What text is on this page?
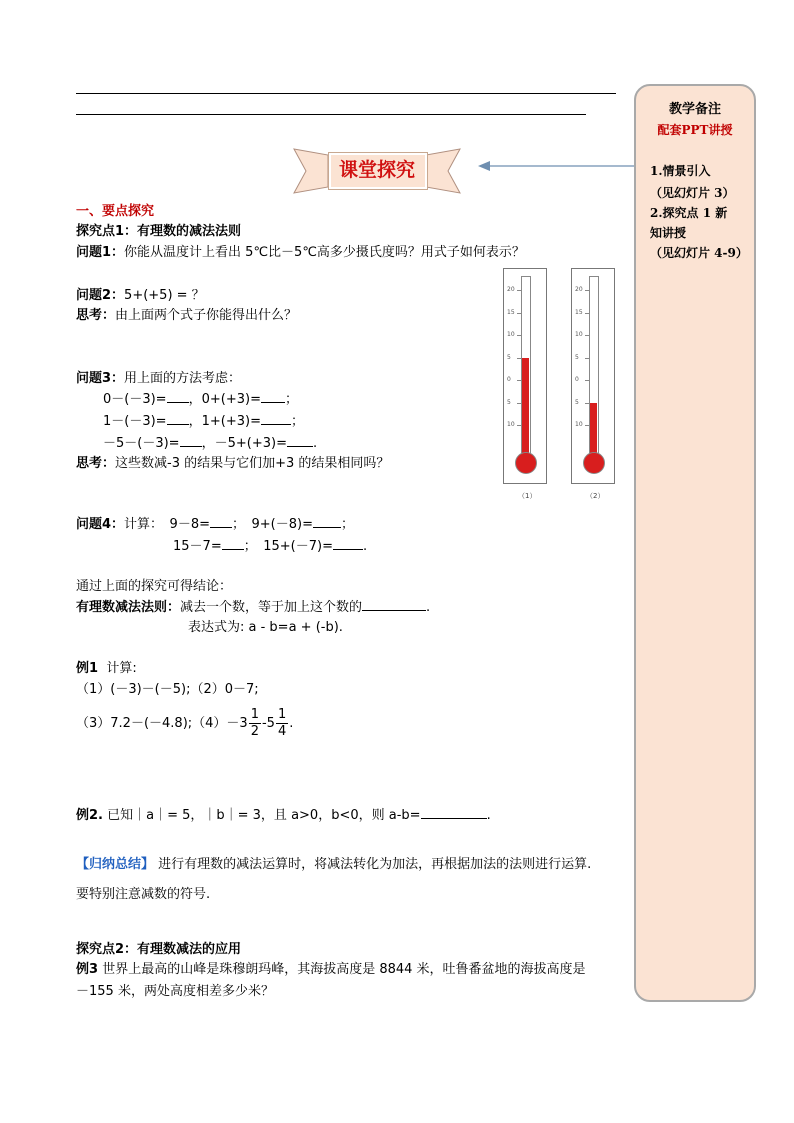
教学备注
配套PPT讲授
1.情景引入
（见幻灯片 3）
2.探究点 1 新
知讲授
（见幻灯片 4-9）
课堂探究
一、要点探究
探究点1：有理数的减法法则
问题1：你能从温度计上看出 5℃比－5℃高多少摄氏度吗？用式子如何表示？
问题2：5+(+5) = ？
思考：由上面两个式子你能得出什么？
问题3：用上面的方法考虑：
0－(－3)= ，0+(+3)= ；
1－(－3)= ，1+(+3)= ；
－5－(－3)= ，－5+(+3)= .
思考：这些数减-3 的结果与它们加+3 的结果相同吗？
20
15
10
5
0
5
10
（1）
20
15
10
5
0
5
10
（2）
问题4：计算：　9－8= ；　9+(－8)= ；
15－7= ；　15+(－7)= .
通过上面的探究可得结论：
有理数减法法则：减去一个数，等于加上这个数的	.
表达式为: a - b=a + (-b).
例1 计算:
（1）(－3)－(－5);（2）0－7;
（3）7.2－(－4.8);（4）－3 $\frac{1}{2} -5 \frac{1}{4}$ .
例2. 已知｜a｜= 5，｜b｜= 3，且 a>0，b<0，则 a-b=	.
【归纳总结】 进行有理数的减法运算时，将减法转化为加法，再根据加法的法则进行运算.
要特别注意减数的符号.
探究点2：有理数减法的应用
例3 世界上最高的山峰是珠穆朗玛峰，其海拔高度是 8844 米，吐鲁番盆地的海拔高度是
－155 米，两处高度相差多少米？
